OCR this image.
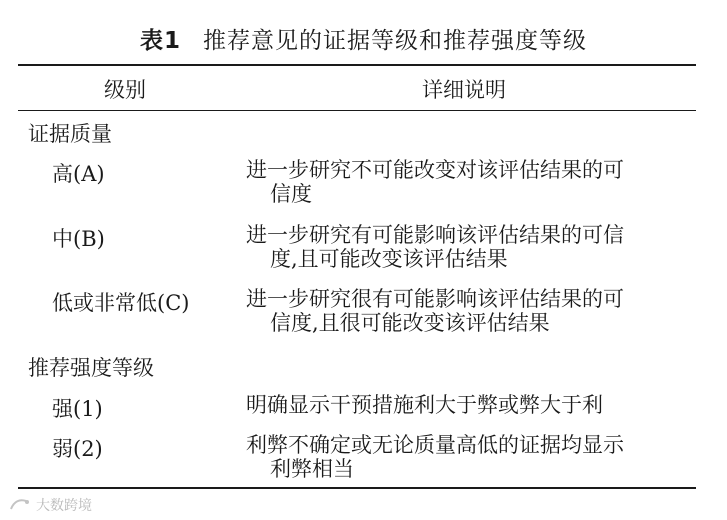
表1 推荐意见的证据等级和推荐强度等级
级别	详细说明
证据质量
高(A)	进一步研究不可能改变对该评估结果的可
信度
中(B)	进一步研究有可能影响该评估结果的可信
度,且可能改变该评估结果
低或非常低(C)	进一步研究很有可能影响该评估结果的可
信度,且很可能改变该评估结果
推荐强度等级
强(1)	明确显示干预措施利大于弊或弊大于利
弱(2)	利弊不确定或无论质量高低的证据均显示
利弊相当
大数跨境
